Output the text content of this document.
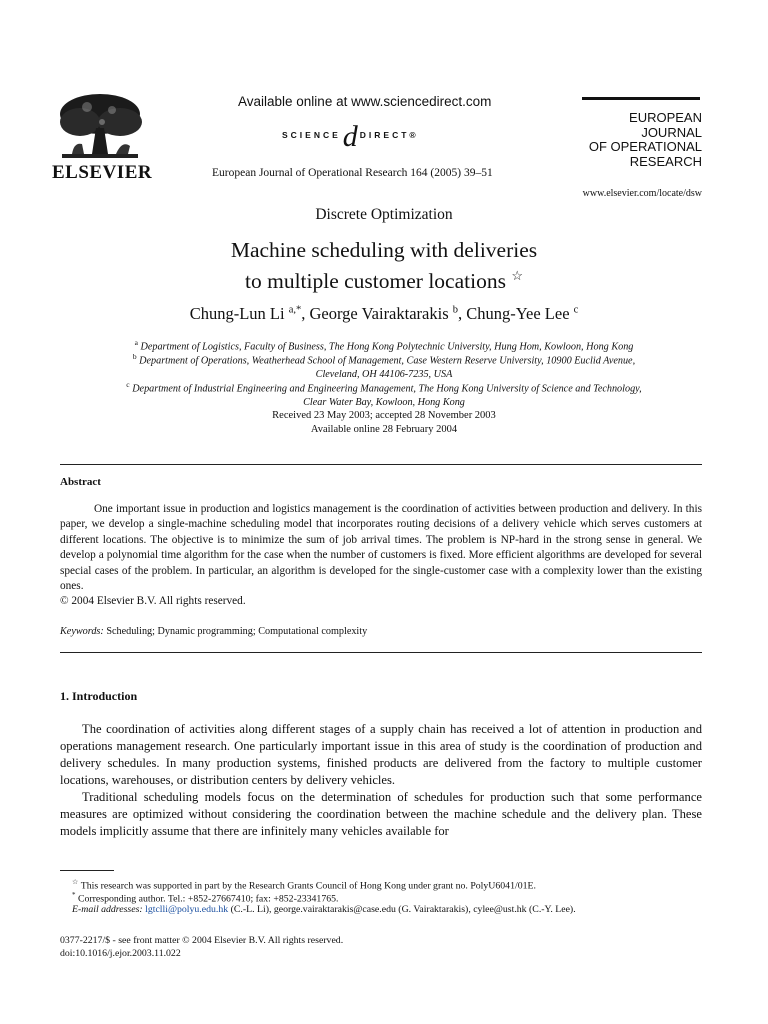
ELSEVIER
Available online at www.sciencedirect.com
SCIENCEd DIRECT®
European Journal of Operational Research 164 (2005) 39–51
EUROPEAN
JOURNAL
OF OPERATIONAL
RESEARCH
www.elsevier.com/locate/dsw
Discrete Optimization
Machine scheduling with deliveries
to multiple customer locations ☆
Chung-Lun Li $^{a,*}$, George Vairaktarakis $^b$, Chung-Yee Lee $^c$
$^a$ Department of Logistics, Faculty of Business, The Hong Kong Polytechnic University, Hung Hom, Kowloon, Hong Kong
$^b$ Department of Operations, Weatherhead School of Management, Case Western Reserve University, 10900 Euclid Avenue,
Cleveland, OH 44106-7235, USA
$^c$ Department of Industrial Engineering and Engineering Management, The Hong Kong University of Science and Technology,
Clear Water Bay, Kowloon, Hong Kong
Received 23 May 2003; accepted 28 November 2003
Available online 28 February 2004
Abstract
One important issue in production and logistics management is the coordination of activities between production and delivery. In this paper, we develop a single-machine scheduling model that incorporates routing decisions of a delivery vehicle which serves customers at different locations. The objective is to minimize the sum of job arrival times. The problem is NP-hard in the strong sense in general. We develop a polynomial time algorithm for the case when the number of customers is fixed. More efficient algorithms are developed for several special cases of the problem. In particular, an algorithm is developed for the single-customer case with a complexity lower than the existing ones.
© 2004 Elsevier B.V. All rights reserved.
Keywords: Scheduling; Dynamic programming; Computational complexity
1. Introduction
The coordination of activities along different stages of a supply chain has received a lot of attention in production and operations management research. One particularly important issue in this area of study is the coordination of production and delivery schedules. In many production systems, finished products are delivered from the factory to multiple customer locations, warehouses, or distribution centers by delivery vehicles.
Traditional scheduling models focus on the determination of schedules for production such that some performance measures are optimized without considering the coordination between the machine schedule and the delivery plan. These models implicitly assume that there are infinitely many vehicles available for
☆ This research was supported in part by the Research Grants Council of Hong Kong under grant no. PolyU6041/01E.
* Corresponding author. Tel.: +852-27667410; fax: +852-23341765.
E-mail addresses: lgtclli@polyu.edu.hk (C.-L. Li), george.vairaktarakis@case.edu (G. Vairaktarakis), cylee@ust.hk (C.-Y. Lee).
0377-2217/$ - see front matter © 2004 Elsevier B.V. All rights reserved.
doi:10.1016/j.ejor.2003.11.022
